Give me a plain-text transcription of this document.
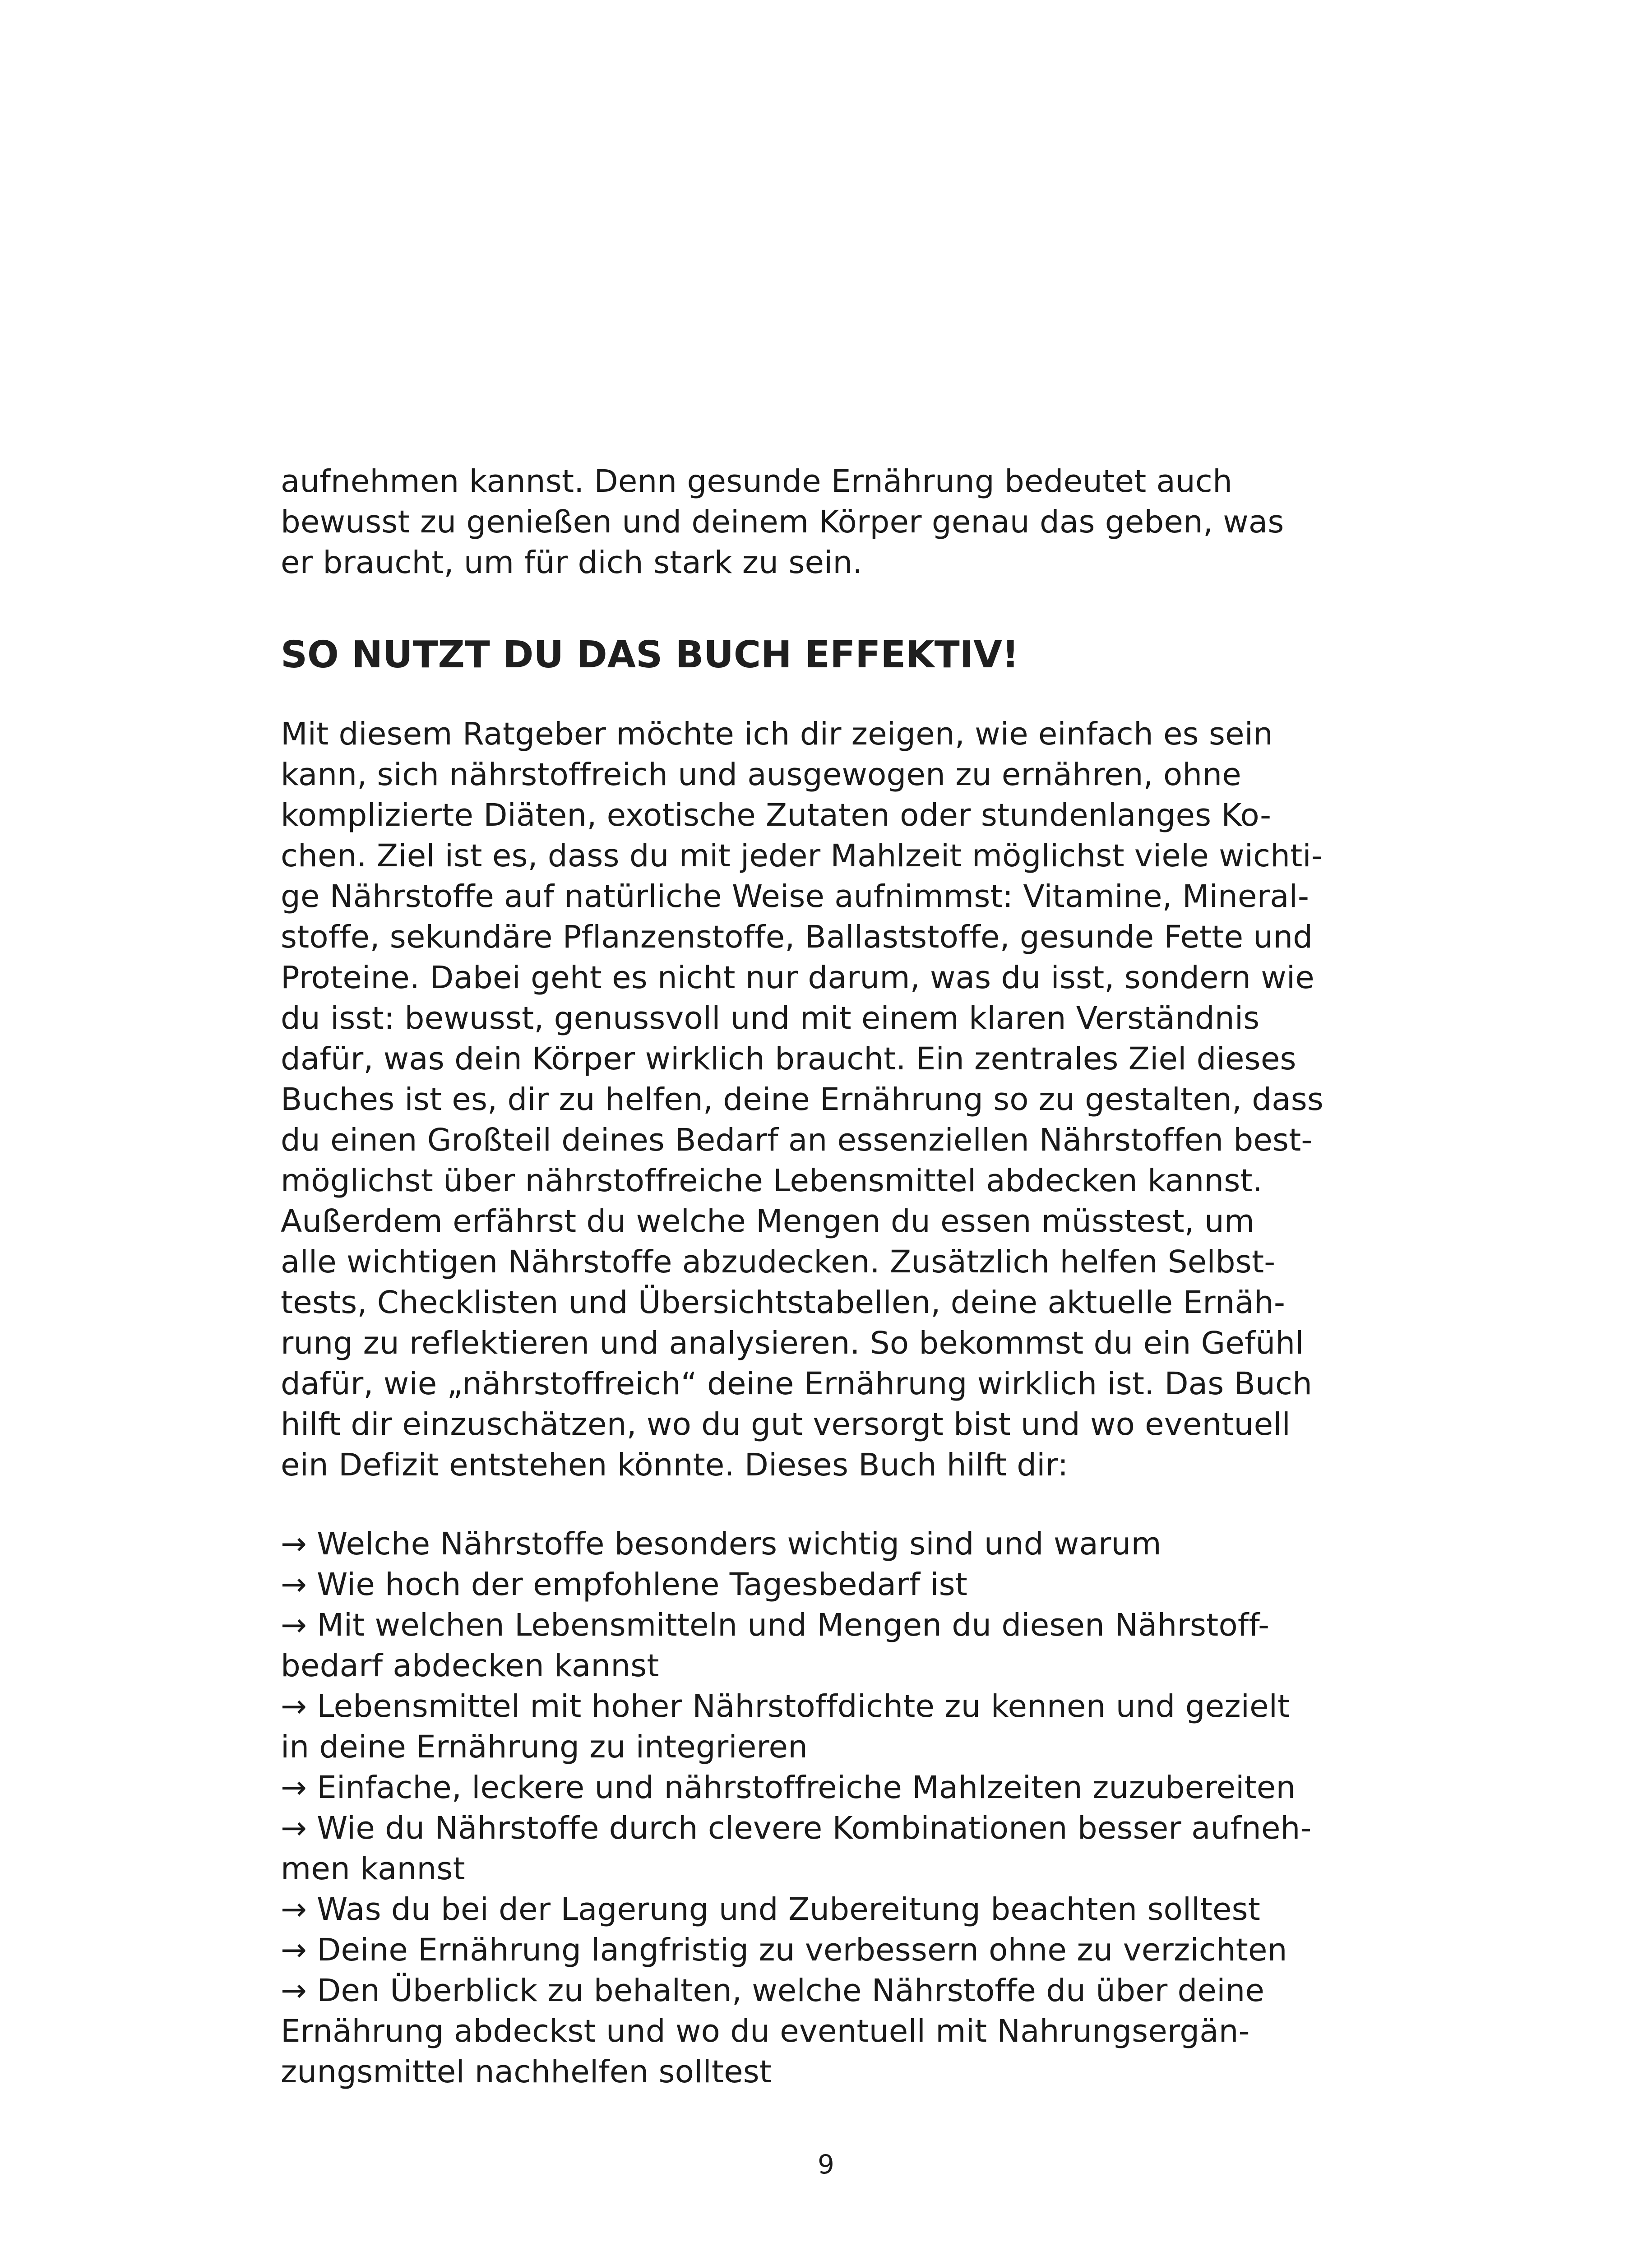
aufnehmen kannst. Denn gesunde Ernährung bedeutet auch
bewusst zu genießen und deinem Körper genau das geben, was
er braucht, um für dich stark zu sein.
SO NUTZT DU DAS BUCH EFFEKTIV!
Mit diesem Ratgeber möchte ich dir zeigen, wie einfach es sein
kann, sich nährstoffreich und ausgewogen zu ernähren, ohne
komplizierte Diäten, exotische Zutaten oder stundenlanges Ko-
chen. Ziel ist es, dass du mit jeder Mahlzeit möglichst viele wichti-
ge Nährstoffe auf natürliche Weise aufnimmst: Vitamine, Mineral-
stoffe, sekundäre Pflanzenstoffe, Ballaststoffe, gesunde Fette und
Proteine. Dabei geht es nicht nur darum, was du isst, sondern wie
du isst: bewusst, genussvoll und mit einem klaren Verständnis
dafür, was dein Körper wirklich braucht. Ein zentrales Ziel dieses
Buches ist es, dir zu helfen, deine Ernährung so zu gestalten, dass
du einen Großteil deines Bedarf an essenziellen Nährstoffen best-
möglichst über nährstoffreiche Lebensmittel abdecken kannst.
Außerdem erfährst du welche Mengen du essen müsstest, um
alle wichtigen Nährstoffe abzudecken. Zusätzlich helfen Selbst-
tests, Checklisten und Übersichtstabellen, deine aktuelle Ernäh-
rung zu reflektieren und analysieren. So bekommst du ein Gefühl
dafür, wie „nährstoffreich“ deine Ernährung wirklich ist. Das Buch
hilft dir einzuschätzen, wo du gut versorgt bist und wo eventuell
ein Defizit entstehen könnte. Dieses Buch hilft dir:
→ Welche Nährstoffe besonders wichtig sind und warum
→ Wie hoch der empfohlene Tagesbedarf ist
→ Mit welchen Lebensmitteln und Mengen du diesen Nährstoff-
bedarf abdecken kannst
→ Lebensmittel mit hoher Nährstoffdichte zu kennen und gezielt
in deine Ernährung zu integrieren
→ Einfache, leckere und nährstoffreiche Mahlzeiten zuzubereiten
→ Wie du Nährstoffe durch clevere Kombinationen besser aufneh-
men kannst
→ Was du bei der Lagerung und Zubereitung beachten solltest
→ Deine Ernährung langfristig zu verbessern ohne zu verzichten
→ Den Überblick zu behalten, welche Nährstoffe du über deine
Ernährung abdeckst und wo du eventuell mit Nahrungsergän-
zungsmittel nachhelfen solltest
9
